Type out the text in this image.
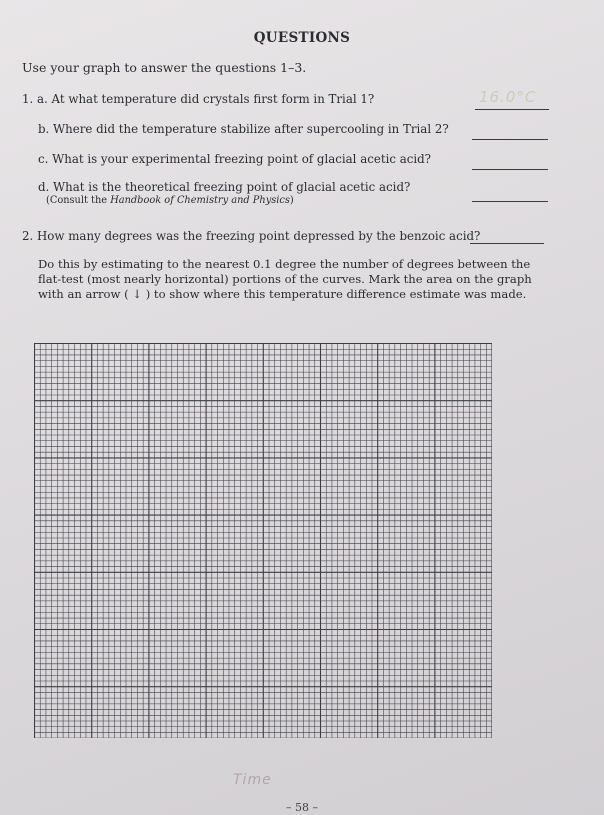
QUESTIONS
Use your graph to answer the questions 1–3.
1. a. At what temperature did crystals first form in Trial 1?	16.0°C
b. Where did the temperature stabilize after supercooling in Trial 2?
c. What is your experimental freezing point of glacial acetic acid?
d. What is the theoretical freezing point of glacial acetic acid?
(Consult the Handbook of Chemistry and Physics)
2. How many degrees was the freezing point depressed by the benzoic acid?
Do this by estimating to the nearest 0.1 degree the number of degrees between the flat-test (most nearly horizontal) portions of the curves. Mark the area on the graph with an arrow ( ↓ ) to show where this temperature difference estimate was made.
Time
– 58 –
